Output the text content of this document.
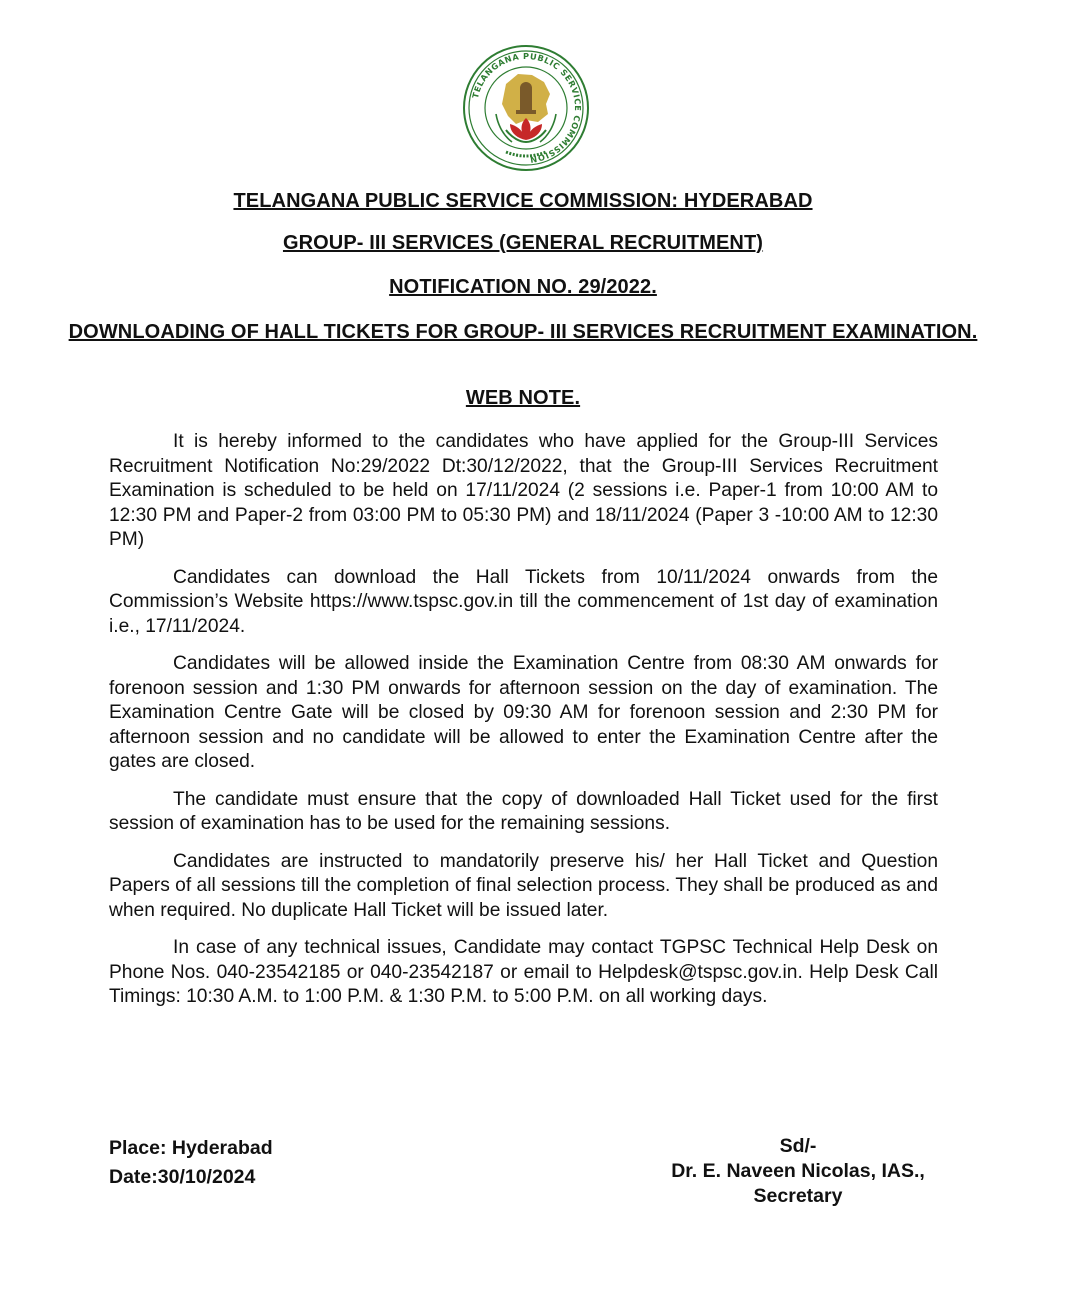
TELANGANA PUBLIC SERVICE COMMISSION

TELANGANA PUBLIC SERVICE COMMISSION: HYDERABAD

GROUP- III SERVICES (GENERAL RECRUITMENT)

NOTIFICATION NO. 29/2022.

DOWNLOADING OF HALL TICKETS FOR GROUP- III SERVICES RECRUITMENT EXAMINATION.

WEB NOTE.

It is hereby informed to the candidates who have applied for the Group-III Services Recruitment Notification No:29/2022 Dt:30/12/2022, that the Group-III Services Recruitment Examination is scheduled to be held on 17/11/2024 (2 sessions i.e. Paper-1 from 10:00 AM to 12:30 PM and Paper-2 from 03:00 PM to 05:30 PM) and 18/11/2024 (Paper 3 -10:00 AM to 12:30 PM)

Candidates can download the Hall Tickets from 10/11/2024 onwards from the Commission’s Website https://www.tspsc.gov.in till the commencement of 1st day of examination i.e., 17/11/2024.

Candidates will be allowed inside the Examination Centre from 08:30 AM onwards for forenoon session and 1:30 PM onwards for afternoon session on the day of examination. The Examination Centre Gate will be closed by 09:30 AM for forenoon session and 2:30 PM for afternoon session and no candidate will be allowed to enter the Examination Centre after the gates are closed.

The candidate must ensure that the copy of downloaded Hall Ticket used for the first session of examination has to be used for the remaining sessions.

Candidates are instructed to mandatorily preserve his/ her Hall Ticket and Question Papers of all sessions till the completion of final selection process. They shall be produced as and when required. No duplicate Hall Ticket will be issued later.

In case of any technical issues, Candidate may contact TGPSC Technical Help Desk on Phone Nos. 040-23542185 or 040-23542187 or email to Helpdesk@tspsc.gov.in. Help Desk Call Timings: 10:30 A.M. to 1:00 P.M. & 1:30 P.M. to 5:00 P.M. on all working days.

Place: Hyderabad
Date:30/10/2024
Sd/-
Dr. E. Naveen Nicolas, IAS.,
Secretary
